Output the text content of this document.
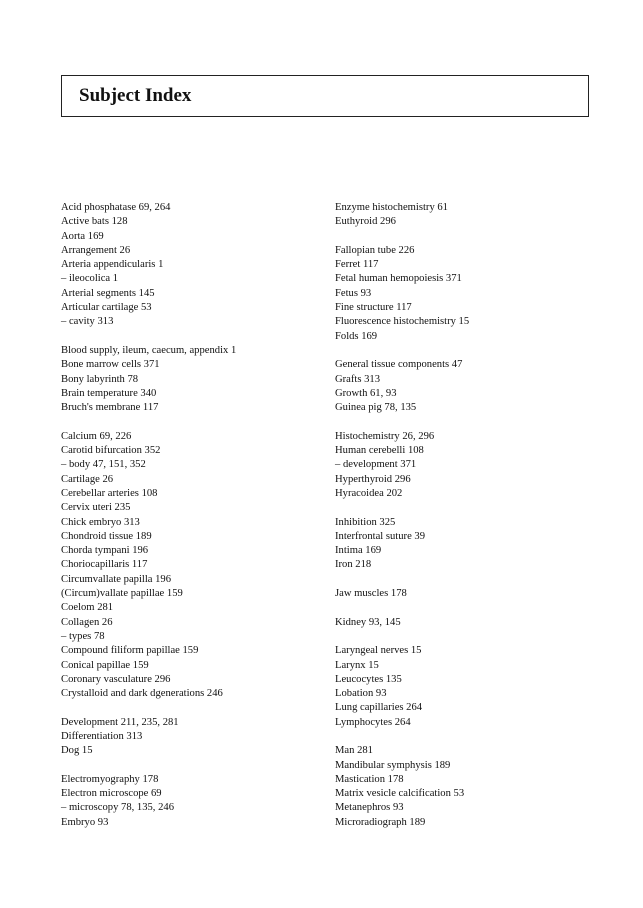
Subject Index
Acid phosphatase 69, 264
Active bats 128
Aorta 169
Arrangement 26
Arteria appendicularis 1
– ileocolica 1
Arterial segments 145
Articular cartilage 53
– cavity 313
Blood supply, ileum, caecum, appendix 1
Bone marrow cells 371
Bony labyrinth 78
Brain temperature 340
Bruch's membrane 117
Calcium 69, 226
Carotid bifurcation 352
– body 47, 151, 352
Cartilage 26
Cerebellar arteries 108
Cervix uteri 235
Chick embryo 313
Chondroid tissue 189
Chorda tympani 196
Choriocapillaris 117
Circumvallate papilla 196
(Circum)vallate papillae 159
Coelom 281
Collagen 26
– types 78
Compound filiform papillae 159
Conical papillae 159
Coronary vasculature 296
Crystalloid and dark dgenerations 246
Development 211, 235, 281
Differentiation 313
Dog 15
Electromyography 178
Electron microscope 69
– microscopy 78, 135, 246
Embryo 93
Enzyme histochemistry 61
Euthyroid 296
Fallopian tube 226
Ferret 117
Fetal human hemopoiesis 371
Fetus 93
Fine structure 117
Fluorescence histochemistry 15
Folds 169
General tissue components 47
Grafts 313
Growth 61, 93
Guinea pig 78, 135
Histochemistry 26, 296
Human cerebelli 108
– development 371
Hyperthyroid 296
Hyracoidea 202
Inhibition 325
Interfrontal suture 39
Intima 169
Iron 218
Jaw muscles 178
Kidney 93, 145
Laryngeal nerves 15
Larynx 15
Leucocytes 135
Lobation 93
Lung capillaries 264
Lymphocytes 264
Man 281
Mandibular symphysis 189
Mastication 178
Matrix vesicle calcification 53
Metanephros 93
Microradiograph 189
